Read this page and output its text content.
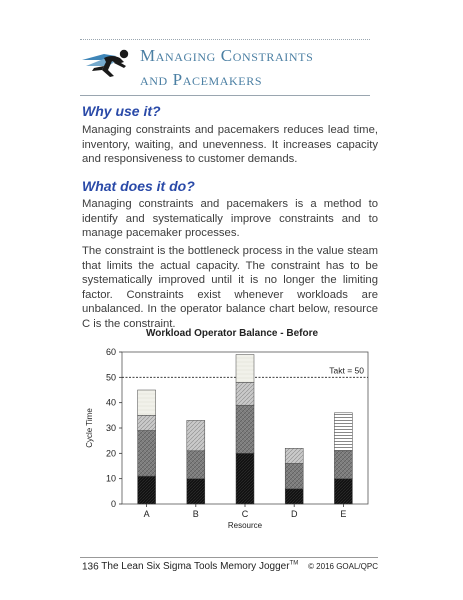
Managing Constraints
and Pacemakers
Why use it?
Managing constraints and pacemakers reduces lead time, inventory, waiting, and unevenness. It increases capacity and responsiveness to customer demands.
What does it do?
Managing constraints and pacemakers is a method to identify and systematically improve constraints and to manage pacemaker processes.
The constraint is the bottleneck process in the value steam that limits the actual capacity. The constraint has to be systematically improved until it is no longer the limiting factor. Constraints exist whenever workloads are unbalanced. In the operator balance chart below, resource C is the constraint.
Workload Operator Balance - Before
0
10
20
30
40
50
60
Cycle Time
Takt = 50
A	B	C	D	E
Resource
136 The Lean Six Sigma Tools Memory Jogger™ © 2016 GOAL/QPC
